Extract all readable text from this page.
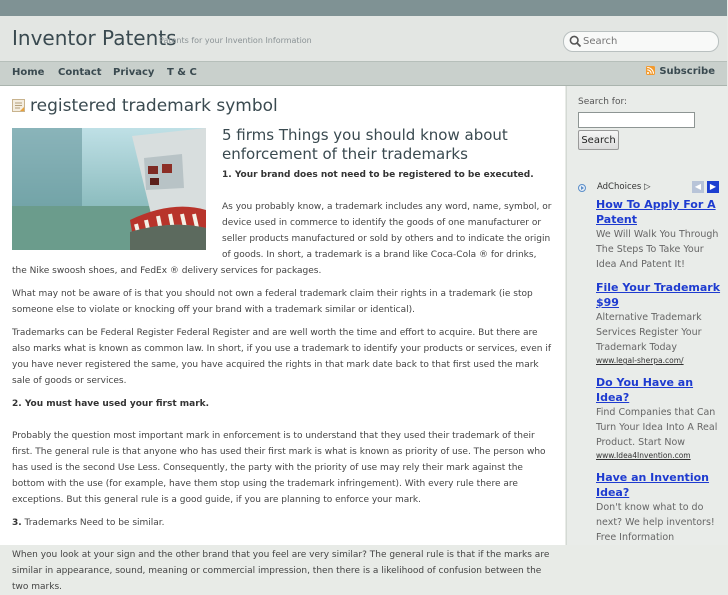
Inventor Patents
Patents for your Invention Information
Search
Home Contact Privacy T & C	Subscribe
registered trademark symbol
5 firms Things you should know about enforcement of their trademarks

1. Your brand does not need to be registered to be executed.

As you probably know, a trademark includes any word, name, symbol, or device used in commerce to identify the goods of one manufacturer or seller products manufactured or sold by others and to indicate the origin of goods. In short, a trademark is a brand like Coca-Cola ® for drinks, the Nike swoosh shoes, and FedEx ® delivery services for packages.

What may not be aware of is that you should not own a federal trademark claim their rights in a trademark (ie stop someone else to violate or knocking off your brand with a trademark similar or identical).

Trademarks can be Federal Register Federal Register and are well worth the time and effort to acquire. But there are also marks what is known as common law. In short, if you use a trademark to identify your products or services, even if you have never registered the same, you have acquired the rights in that mark date back to that first used the mark sale of goods or services.

2. You must have used your first mark.

Probably the question most important mark in enforcement is to understand that they used their trademark of their first. The general rule is that anyone who has used their first mark is what is known as priority of use. The person who has used is the second Use Less. Consequently, the party with the priority of use may rely their mark against the bottom with the use (for example, have them stop using the trademark infringement). With every rule there are exceptions. But this general rule is a good guide, if you are planning to enforce your mark.

3. Trademarks Need to be similar.

When you look at your sign and the other brand that you feel are very similar? The general rule is that if the marks are similar in appearance, sound, meaning or commercial impression, then there is a likelihood of confusion between the two marks.

Search for:
Search
AdChoices ▷	◀	▶
How To Apply For A Patent
We Will Walk You Through The Steps To Take Your Idea And Patent It!
File Your Trademark $99
Alternative Trademark Services Register Your Trademark Today
www.legal-sherpa.com/
Do You Have an Idea?
Find Companies that Can Turn Your Idea Into A Real Product. Start Now
www.Idea4Invention.com
Have an Invention Idea?
Don't know what to do next? We help inventors! Free Information
